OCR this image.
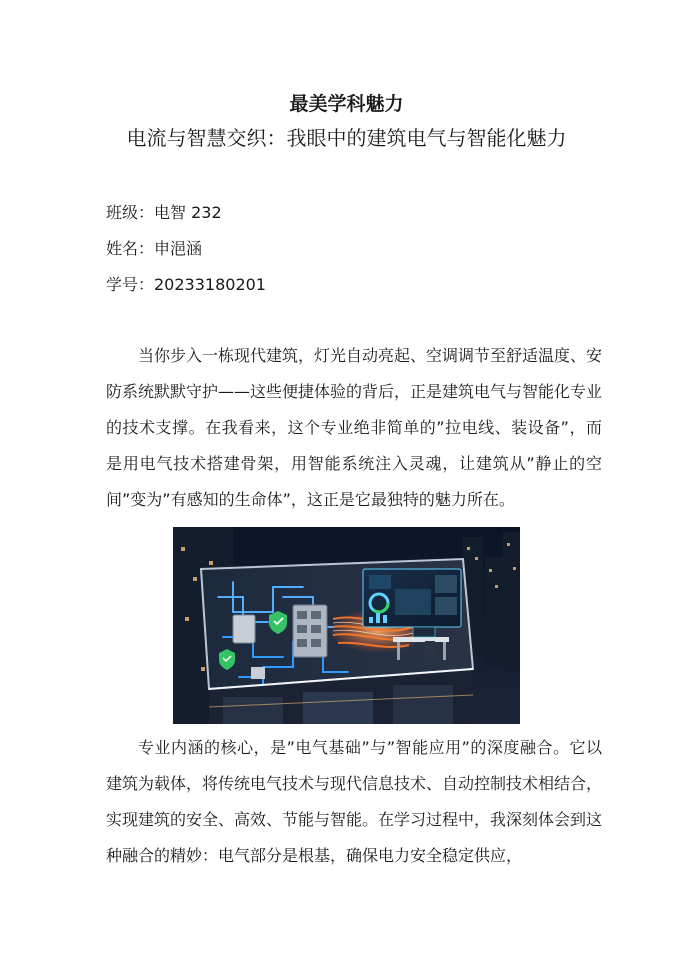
最美学科魅力
电流与智慧交织：我眼中的建筑电气与智能化魅力
班级：电智 232
姓名：申浥涵
学号：20233180201

当你步入一栋现代建筑，灯光自动亮起、空调调节至舒适温度、安防系统默默守护——这些便捷体验的背后，正是建筑电气与智能化专业的技术支撑。在我看来，这个专业绝非简单的”拉电线、装设备”，而是用电气技术搭建骨架，用智能系统注入灵魂，让建筑从”静止的空间”变为”有感知的生命体”，这正是它最独特的魅力所在。

专业内涵的核心，是”电气基础”与”智能应用”的深度融合。它以建筑为载体，将传统电气技术与现代信息技术、自动控制技术相结合，实现建筑的安全、高效、节能与智能。在学习过程中，我深刻体会到这种融合的精妙：电气部分是根基，确保电力安全稳定供应，
